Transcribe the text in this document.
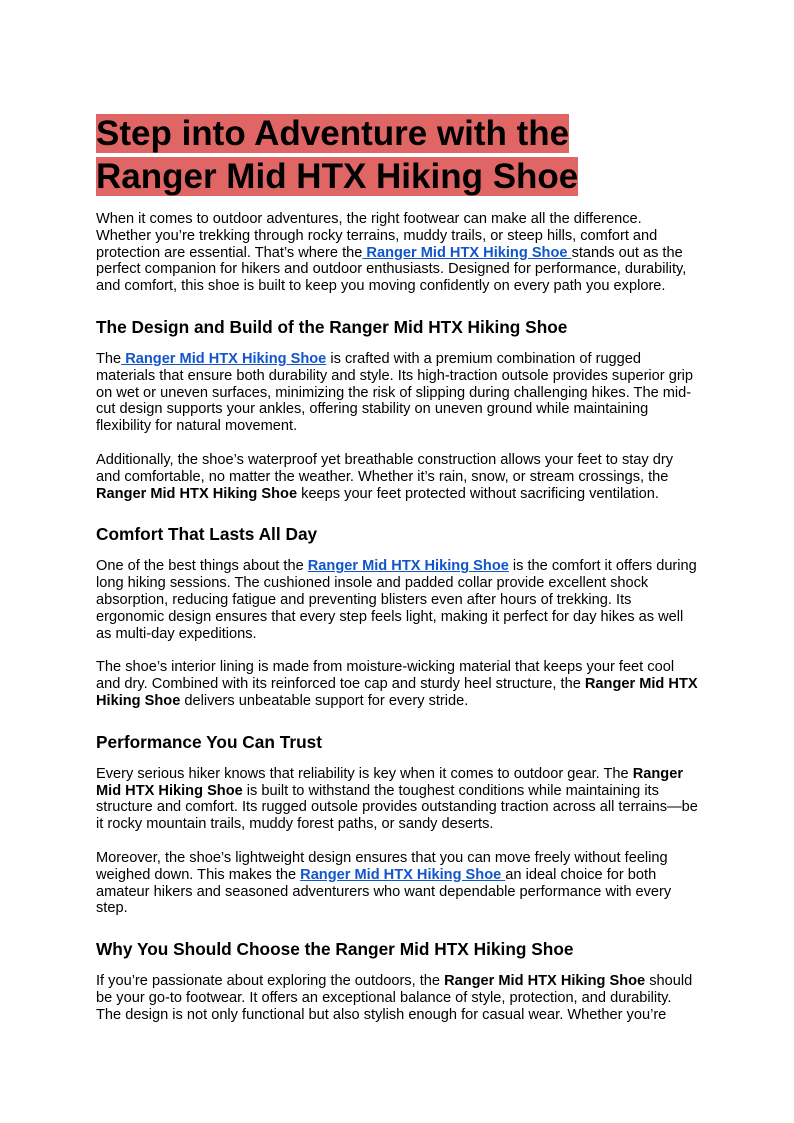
Step into Adventure with the
Ranger Mid HTX Hiking Shoe

When it comes to outdoor adventures, the right footwear can make all the difference. Whether you’re trekking through rocky terrains, muddy trails, or steep hills, comfort and protection are essential. That’s where the Ranger Mid HTX Hiking Shoe stands out as the perfect companion for hikers and outdoor enthusiasts. Designed for performance, durability, and comfort, this shoe is built to keep you moving confidently on every path you explore.

The Design and Build of the Ranger Mid HTX Hiking Shoe

The Ranger Mid HTX Hiking Shoe is crafted with a premium combination of rugged materials that ensure both durability and style. Its high-traction outsole provides superior grip on wet or uneven surfaces, minimizing the risk of slipping during challenging hikes. The mid-cut design supports your ankles, offering stability on uneven ground while maintaining flexibility for natural movement.

Additionally, the shoe’s waterproof yet breathable construction allows your feet to stay dry and comfortable, no matter the weather. Whether it’s rain, snow, or stream crossings, the Ranger Mid HTX Hiking Shoe keeps your feet protected without sacrificing ventilation.

Comfort That Lasts All Day

One of the best things about the Ranger Mid HTX Hiking Shoe is the comfort it offers during long hiking sessions. The cushioned insole and padded collar provide excellent shock absorption, reducing fatigue and preventing blisters even after hours of trekking. Its ergonomic design ensures that every step feels light, making it perfect for day hikes as well as multi-day expeditions.

The shoe’s interior lining is made from moisture-wicking material that keeps your feet cool and dry. Combined with its reinforced toe cap and sturdy heel structure, the Ranger Mid HTX Hiking Shoe delivers unbeatable support for every stride.

Performance You Can Trust

Every serious hiker knows that reliability is key when it comes to outdoor gear. The Ranger Mid HTX Hiking Shoe is built to withstand the toughest conditions while maintaining its structure and comfort. Its rugged outsole provides outstanding traction across all terrains—be it rocky mountain trails, muddy forest paths, or sandy deserts.

Moreover, the shoe’s lightweight design ensures that you can move freely without feeling weighed down. This makes the Ranger Mid HTX Hiking Shoe an ideal choice for both amateur hikers and seasoned adventurers who want dependable performance with every step.

Why You Should Choose the Ranger Mid HTX Hiking Shoe

If you’re passionate about exploring the outdoors, the Ranger Mid HTX Hiking Shoe should be your go-to footwear. It offers an exceptional balance of style, protection, and durability. The design is not only functional but also stylish enough for casual wear. Whether you’re
